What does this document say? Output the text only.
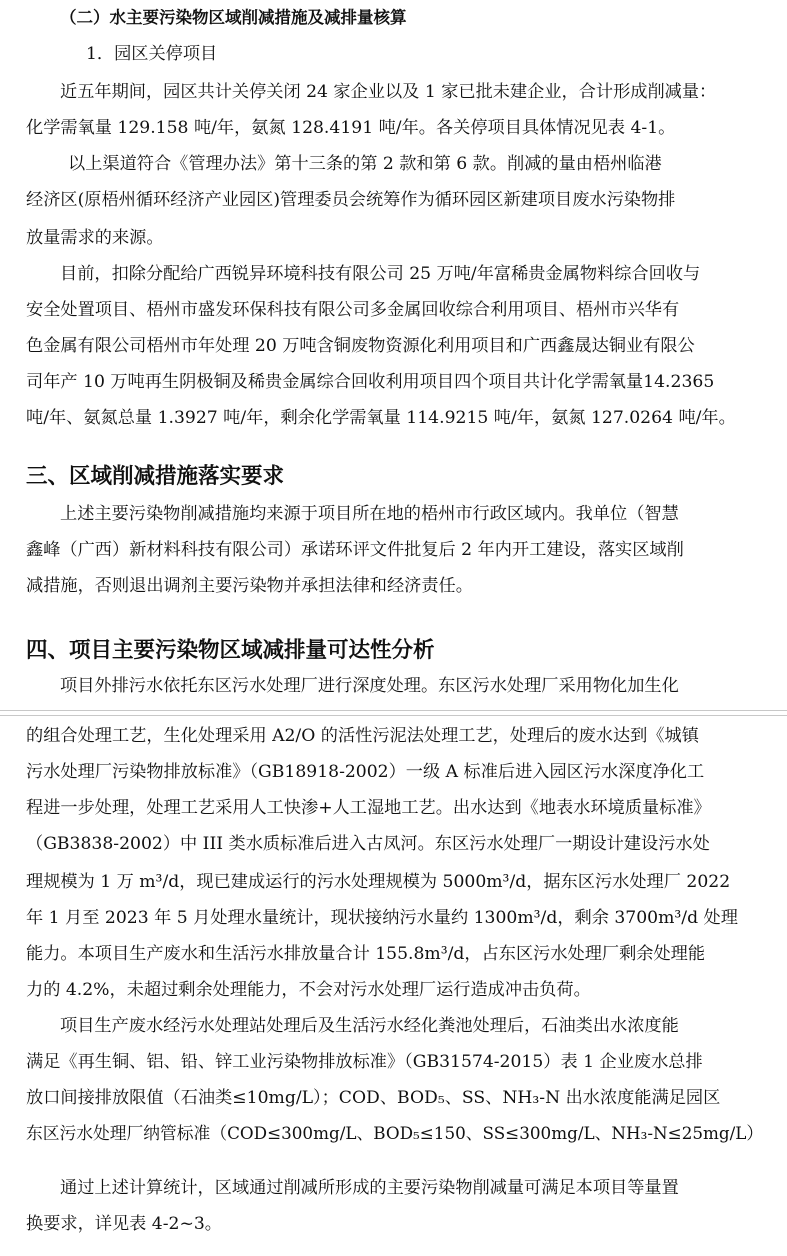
（二）水主要污染物区域削减措施及减排量核算
1．园区关停项目
近五年期间，园区共计关停关闭 24 家企业以及 1 家已批未建企业，合计形成削减量：
化学需氧量 129.158 吨/年，氨氮 128.4191 吨/年。各关停项目具体情况见表 4-1。
以上渠道符合《管理办法》第十三条的第 2 款和第 6 款。削减的量由梧州临港
经济区(原梧州循环经济产业园区)管理委员会统筹作为循环园区新建项目废水污染物排
放量需求的来源。
目前，扣除分配给广西锐异环境科技有限公司 25 万吨/年富稀贵金属物料综合回收与
安全处置项目、梧州市盛发环保科技有限公司多金属回收综合利用项目、梧州市兴华有
色金属有限公司梧州市年处理 20 万吨含铜废物资源化利用项目和广西鑫晟达铜业有限公
司年产 10 万吨再生阴极铜及稀贵金属综合回收利用项目四个项目共计化学需氧量14.2365
吨/年、氨氮总量 1.3927 吨/年，剩余化学需氧量 114.9215 吨/年，氨氮 127.0264 吨/年。
三、区域削减措施落实要求
上述主要污染物削减措施均来源于项目所在地的梧州市行政区域内。我单位（智慧
鑫峰（广西）新材料科技有限公司）承诺环评文件批复后 2 年内开工建设，落实区域削
减措施，否则退出调剂主要污染物并承担法律和经济责任。
四、项目主要污染物区域减排量可达性分析
项目外排污水依托东区污水处理厂进行深度处理。东区污水处理厂采用物化加生化
的组合处理工艺，生化处理采用 A2/O 的活性污泥法处理工艺，处理后的废水达到《城镇
污水处理厂污染物排放标准》（GB18918-2002）一级 A 标准后进入园区污水深度净化工
程进一步处理，处理工艺采用人工快渗+人工湿地工艺。出水达到《地表水环境质量标准》
（GB3838-2002）中 III 类水质标准后进入古凤河。东区污水处理厂一期设计建设污水处
理规模为 1 万 m³/d，现已建成运行的污水处理规模为 5000m³/d，据东区污水处理厂 2022
年 1 月至 2023 年 5 月处理水量统计，现状接纳污水量约 1300m³/d，剩余 3700m³/d 处理
能力。本项目生产废水和生活污水排放量合计 155.8m³/d，占东区污水处理厂剩余处理能
力的 4.2%，未超过剩余处理能力，不会对污水处理厂运行造成冲击负荷。
项目生产废水经污水处理站处理后及生活污水经化粪池处理后，石油类出水浓度能
满足《再生铜、铝、铅、锌工业污染物排放标准》（GB31574-2015）表 1 企业废水总排
放口间接排放限值（石油类≤10mg/L）；COD、BOD₅、SS、NH₃-N 出水浓度能满足园区
东区污水处理厂纳管标准（COD≤300mg/L、BOD₅≤150、SS≤300mg/L、NH₃-N≤25mg/L）
通过上述计算统计，区域通过削减所形成的主要污染物削减量可满足本项目等量置
换要求，详见表 4-2~3。
